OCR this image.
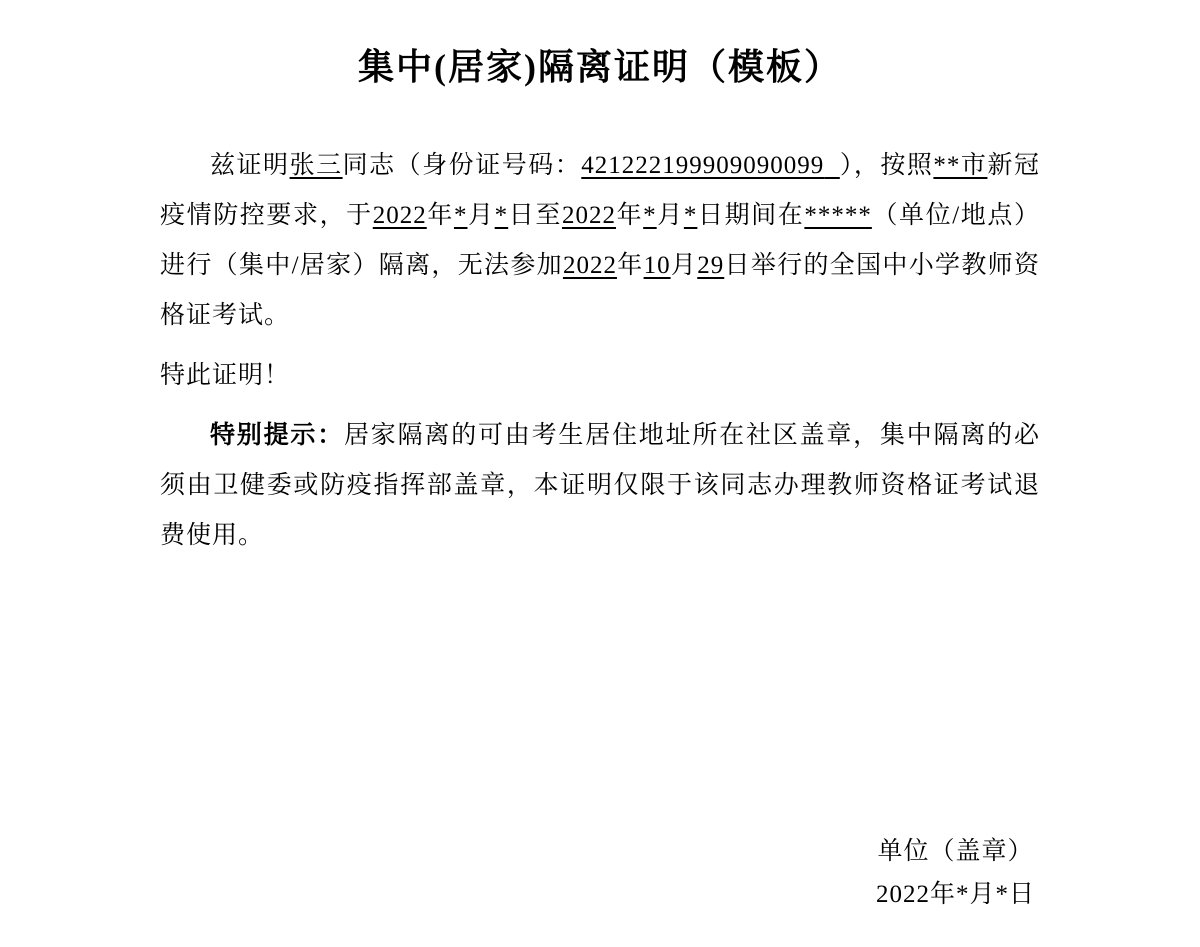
集中(居家)隔离证明（模板）

兹证明张三同志（身份证号码：421222199909090099 ），按照**市新冠疫情防控要求，于2022年*月*日至2022年*月*日期间在*****（单位/地点）进行（集中/居家）隔离，无法参加2022年10月29日举行的全国中小学教师资格证考试。

特此证明！

特别提示：居家隔离的可由考生居住地址所在社区盖章，集中隔离的必须由卫健委或防疫指挥部盖章，本证明仅限于该同志办理教师资格证考试退费使用。

单位（盖章）
2022年*月*日
